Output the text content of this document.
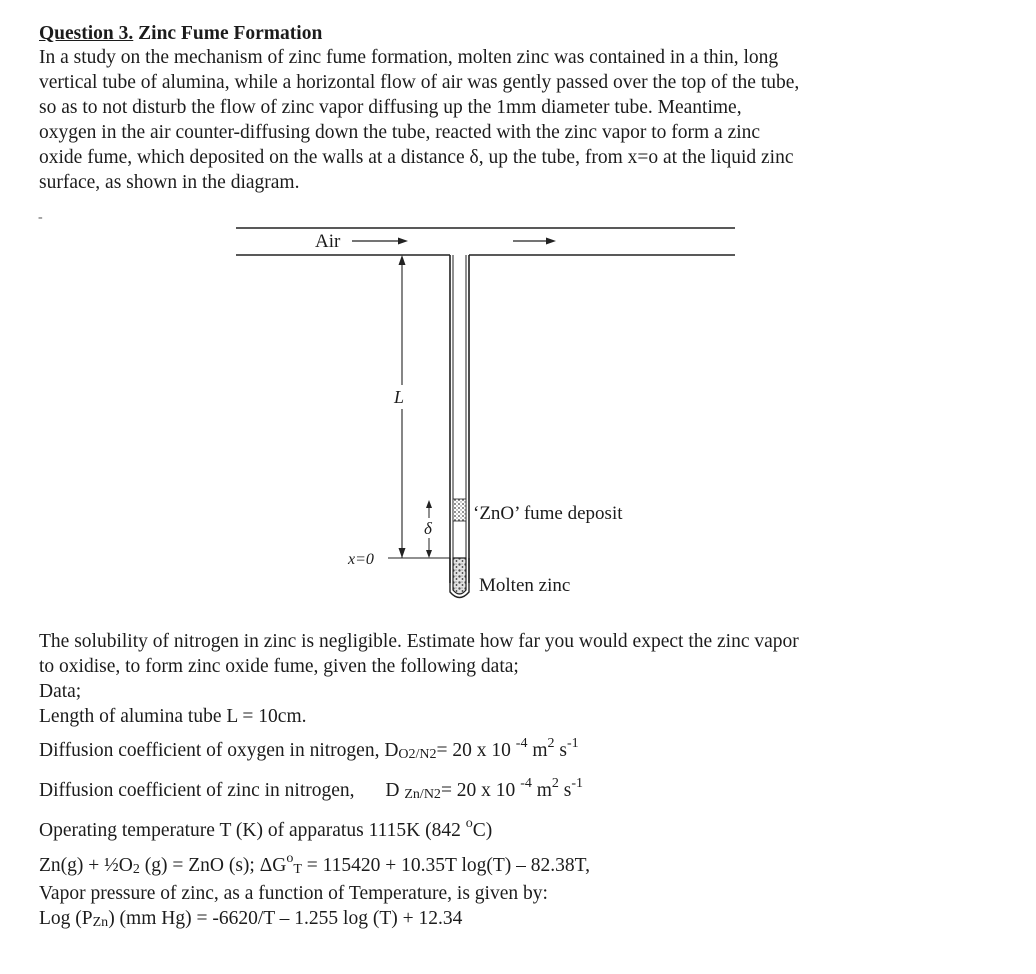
Question 3. Zinc Fume Formation
In a study on the mechanism of zinc fume formation, molten zinc was contained in a thin, long
vertical tube of alumina, while a horizontal flow of air was gently passed over the top of the tube,
so as to not disturb the flow of zinc vapor diffusing up the 1mm diameter tube. Meantime,
oxygen in the air counter-diffusing down the tube, reacted with the zinc vapor to form a zinc
oxide fume, which deposited on the walls at a distance δ, up the tube, from x=o at the liquid zinc
surface, as shown in the diagram.
-
Air
L
δ
x=0
‘ZnO’ fume deposit
Molten zinc
The solubility of nitrogen in zinc is negligible. Estimate how far you would expect the zinc vapor
to oxidise, to form zinc oxide fume, given the following data;
Data;
Length of alumina tube L = 10cm.
Diffusion coefficient of oxygen in nitrogen, $D_{O2/N2}= 20$ x 10 $^{-4}$ $m^2$ $s^{-1}$
Diffusion coefficient of zinc in nitrogen, D $_{Zn/N2}$= 20 x 10 $^{-4}$ $m^2$ $s^{-1}$
Operating temperature T (K) of apparatus 1115K (842 $^o$C)
$Zn(g) + \frac{1}{2}O_2$ (g) = ZnO (s); $\Delta G^o_T = 115420 + 10.35T$ log(T) – 82.38T,
Vapor pressure of zinc, as a function of Temperature, is given by:
Log $(P_{Zn})$ (mm Hg) = -6620/T – 1.255 log (T) + 12.34
